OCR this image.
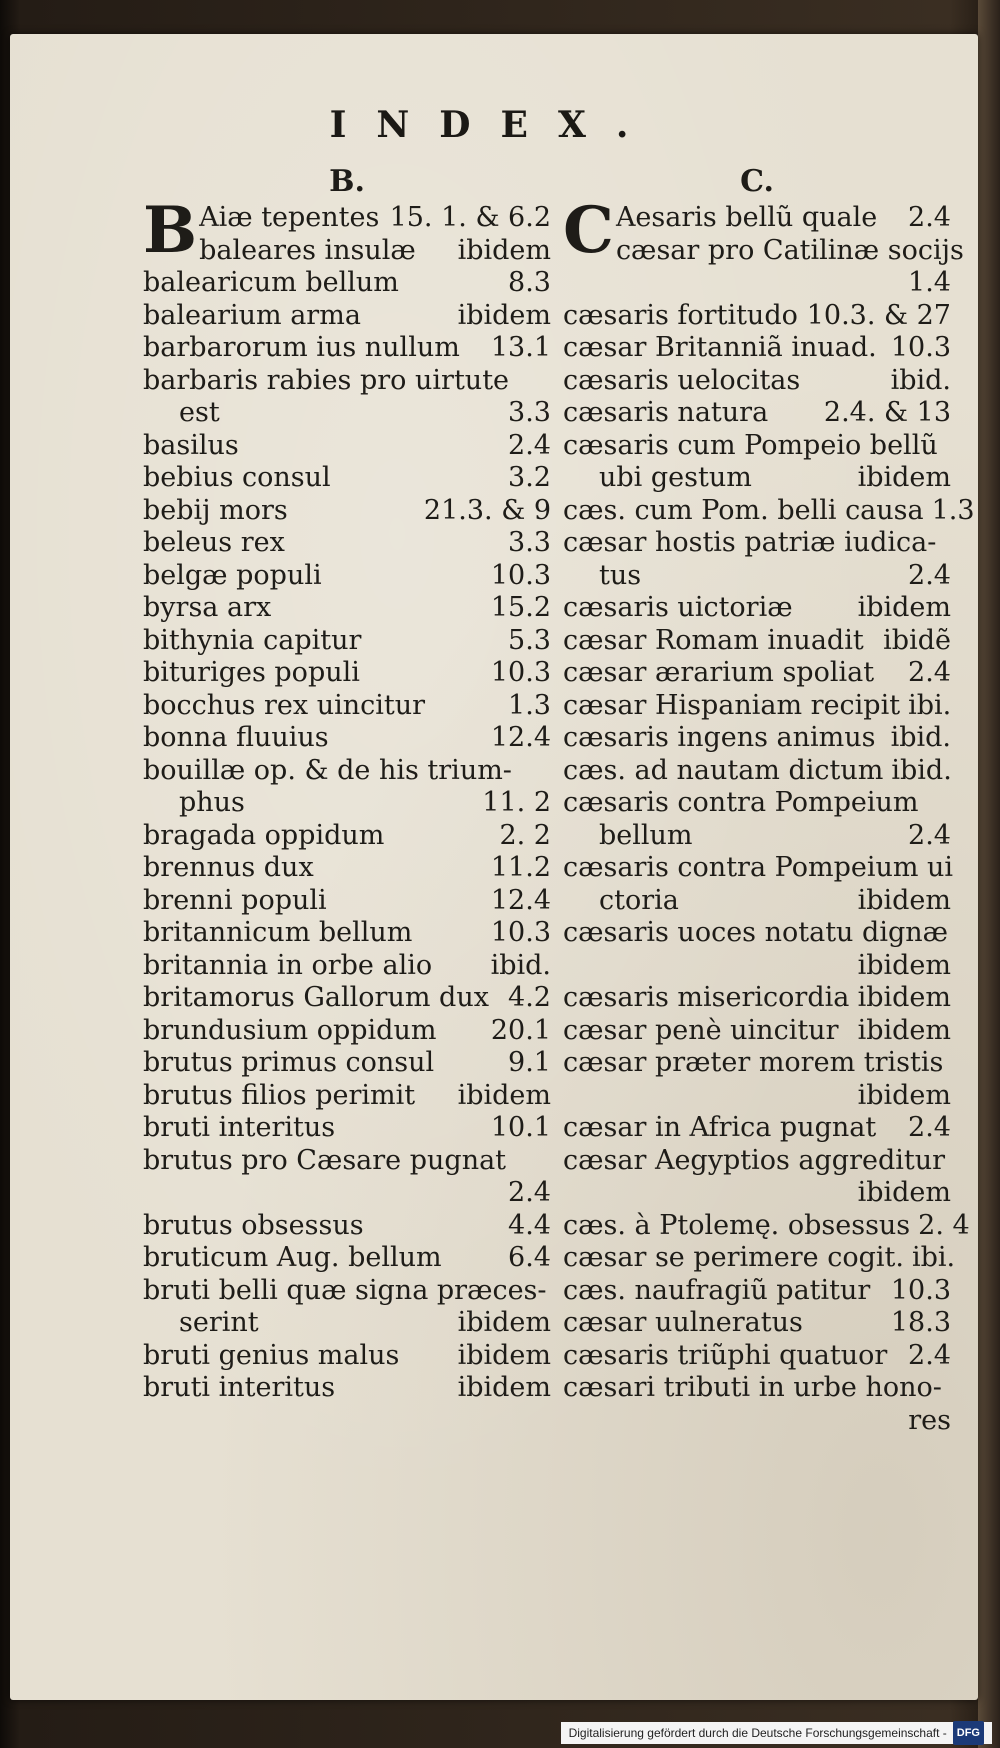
INDEX.
B.
B Aiæ tepentes 15. 1. & 6.2
baleares insulæ ibidem
balearicum bellum	8.3
balearium arma	ibidem
barbarorum ius nullum 13.1
barbaris rabies pro uirtute
est	3.3
basilus	2.4
bebius consul	3.2
bebij mors	21.3. & 9
beleus rex	3.3
belgæ populi	10.3
byrsa arx	15.2
bithynia capitur	5.3
bituriges populi	10.3
bocchus rex uincitur	1.3
bonna fluuius	12.4
bouillæ op. & de his trium-
phus	11. 2
bragada oppidum	2. 2
brennus dux	11.2
brenni populi	12.4
britannicum bellum	10.3
britannia in orbe alio ibid.
britamorus Gallorum dux 4.2
brundusium oppidum 20.1
brutus primus consul	9.1
brutus filios perimit ibidem
bruti interitus	10.1
brutus pro Cæsare pugnat
2.4
brutus obsessus	4.4
bruticum Aug. bellum 6.4
bruti belli quæ signa præces-
serint	ibidem
bruti genius malus ibidem
bruti interitus	ibidem
C.
C Aesaris bellũ quale 2.4
cæsar pro Catilinæ socijs
1.4
cæsaris fortitudo 10.3. & 27
cæsar Britanniã inuad. 10.3
cæsaris uelocitas	ibid.
cæsaris natura 2.4. & 13
cæsaris cum Pompeio bellũ
ubi gestum	ibidem
cæs. cum Pom. belli causa 1.3
cæsar hostis patriæ iudica-
tus	2.4
cæsaris uictoriæ ibidem
cæsar Romam inuadit ibidẽ
cæsar ærarium spoliat 2.4
cæsar Hispaniam recipit ibi.
cæsaris ingens animus ibid.
cæs. ad nautam dictum ibid.
cæsaris contra Pompeium
bellum	2.4
cæsaris contra Pompeium ui
ctoria	ibidem
cæsaris uoces notatu dignæ
ibidem
cæsaris misericordia ibidem
cæsar penè uincitur ibidem
cæsar præter morem tristis
ibidem
cæsar in Africa pugnat 2.4
cæsar Aegyptios aggreditur
ibidem
cæs. à Ptolemę. obsessus 2. 4
cæsar se perimere cogit. ibi.
cæs. naufragiũ patitur 10.3
cæsar uulneratus	18.3
cæsaris triũphi quatuor 2.4
cæsari tributi in urbe hono-
res
Digitalisierung gefördert durch die Deutsche Forschungsgemeinschaft - DFG
